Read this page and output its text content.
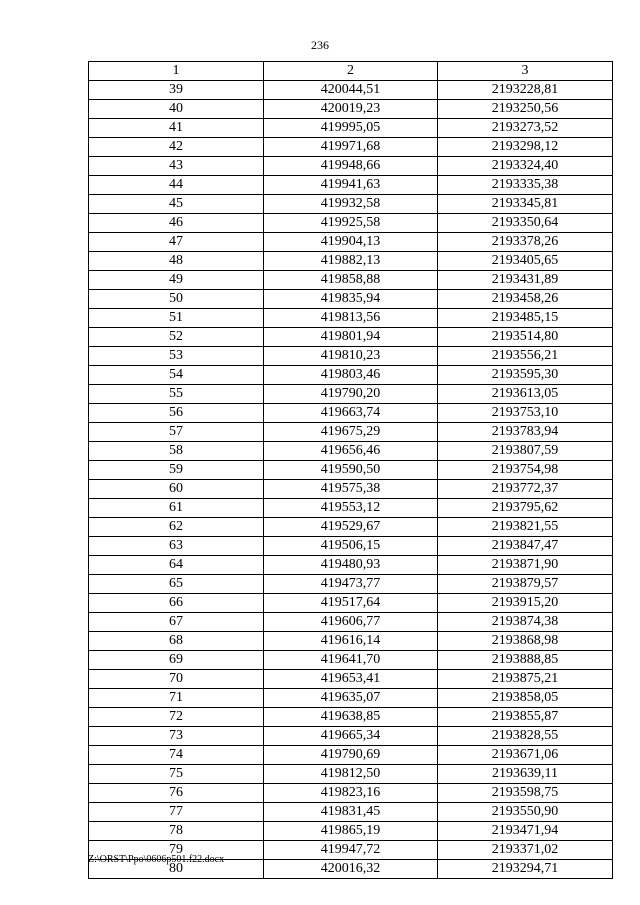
236
1	2	3
39	420044,51	2193228,81
40	420019,23	2193250,56
41	419995,05	2193273,52
42	419971,68	2193298,12
43	419948,66	2193324,40
44	419941,63	2193335,38
45	419932,58	2193345,81
46	419925,58	2193350,64
47	419904,13	2193378,26
48	419882,13	2193405,65
49	419858,88	2193431,89
50	419835,94	2193458,26
51	419813,56	2193485,15
52	419801,94	2193514,80
53	419810,23	2193556,21
54	419803,46	2193595,30
55	419790,20	2193613,05
56	419663,74	2193753,10
57	419675,29	2193783,94
58	419656,46	2193807,59
59	419590,50	2193754,98
60	419575,38	2193772,37
61	419553,12	2193795,62
62	419529,67	2193821,55
63	419506,15	2193847,47
64	419480,93	2193871,90
65	419473,77	2193879,57
66	419517,64	2193915,20
67	419606,77	2193874,38
68	419616,14	2193868,98
69	419641,70	2193888,85
70	419653,41	2193875,21
71	419635,07	2193858,05
72	419638,85	2193855,87
73	419665,34	2193828,55
74	419790,69	2193671,06
75	419812,50	2193639,11
76	419823,16	2193598,75
77	419831,45	2193550,90
78	419865,19	2193471,94
79	419947,72	2193371,02
80	420016,32	2193294,71
Z:\ORST\Ppo\0606p501.f22.docx
